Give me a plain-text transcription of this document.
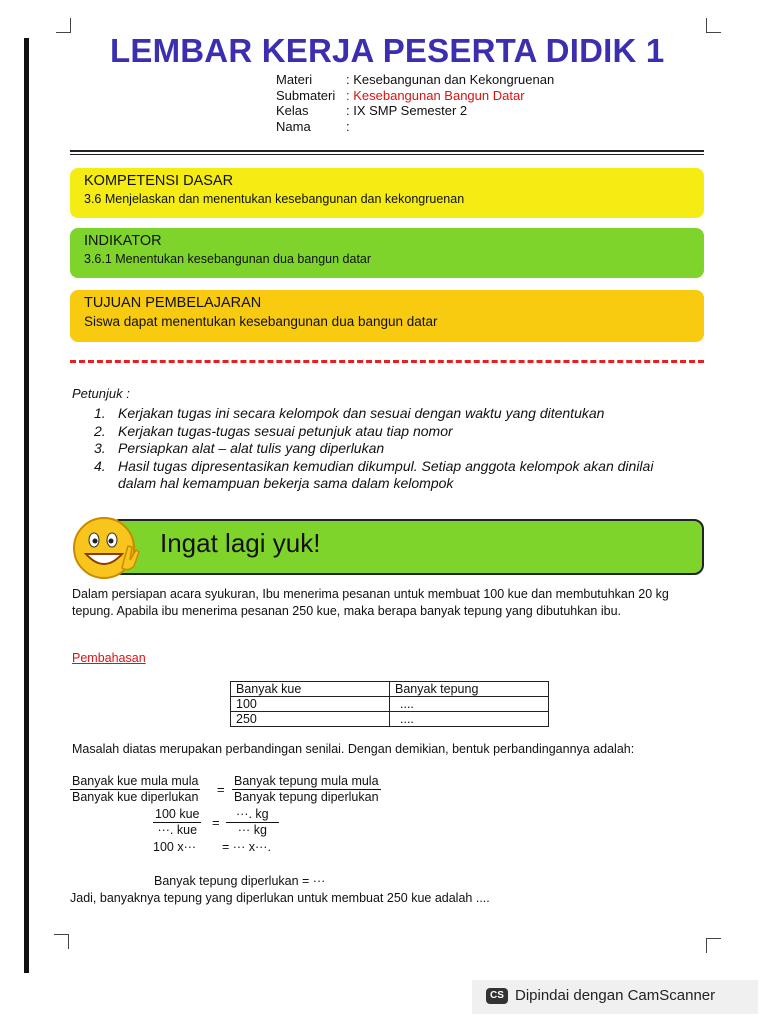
LEMBAR KERJA PESERTA DIDIK 1
Materi	: Kesebangunan dan Kekongruenan
Submateri : Kesebangunan Bangun Datar
Kelas	: IX SMP Semester 2
Nama	:
KOMPETENSI DASAR
3.6 Menjelaskan dan menentukan kesebangunan dan kekongruenan
INDIKATOR
3.6.1 Menentukan kesebangunan dua bangun datar
TUJUAN PEMBELAJARAN
Siswa dapat menentukan kesebangunan dua bangun datar
Petunjuk :
1. Kerjakan tugas ini secara kelompok dan sesuai dengan waktu yang ditentukan
2. Kerjakan tugas-tugas sesuai petunjuk atau tiap nomor
3. Persiapkan alat – alat tulis yang diperlukan
4. Hasil tugas dipresentasikan kemudian dikumpul. Setiap anggota kelompok akan dinilai dalam hal kemampuan bekerja sama dalam kelompok
Ingat lagi yuk!
Dalam persiapan acara syukuran, Ibu menerima pesanan untuk membuat 100 kue dan membutuhkan 20 kg tepung. Apabila ibu menerima pesanan 250 kue, maka berapa banyak tepung yang dibutuhkan ibu.
Pembahasan
Banyak kue	Banyak tepung
100	....
250	....
Masalah diatas merupakan perbandingan senilai. Dengan demikian, bentuk perbandingannya adalah:
Banyak kue mula mula
Banyak kue diperlukan =
Banyak tepung mula mula
Banyak tepung diperlukan
100 kue
···. kue	= $\frac{\cdot\cdot\cdot. kg}{\cdot\cdot\cdot kg}$
100 x··· = ··· x···.
Banyak tepung diperlukan = ···
Jadi, banyaknya tepung yang diperlukan untuk membuat 250 kue adalah ....
CS Dipindai dengan CamScanner
